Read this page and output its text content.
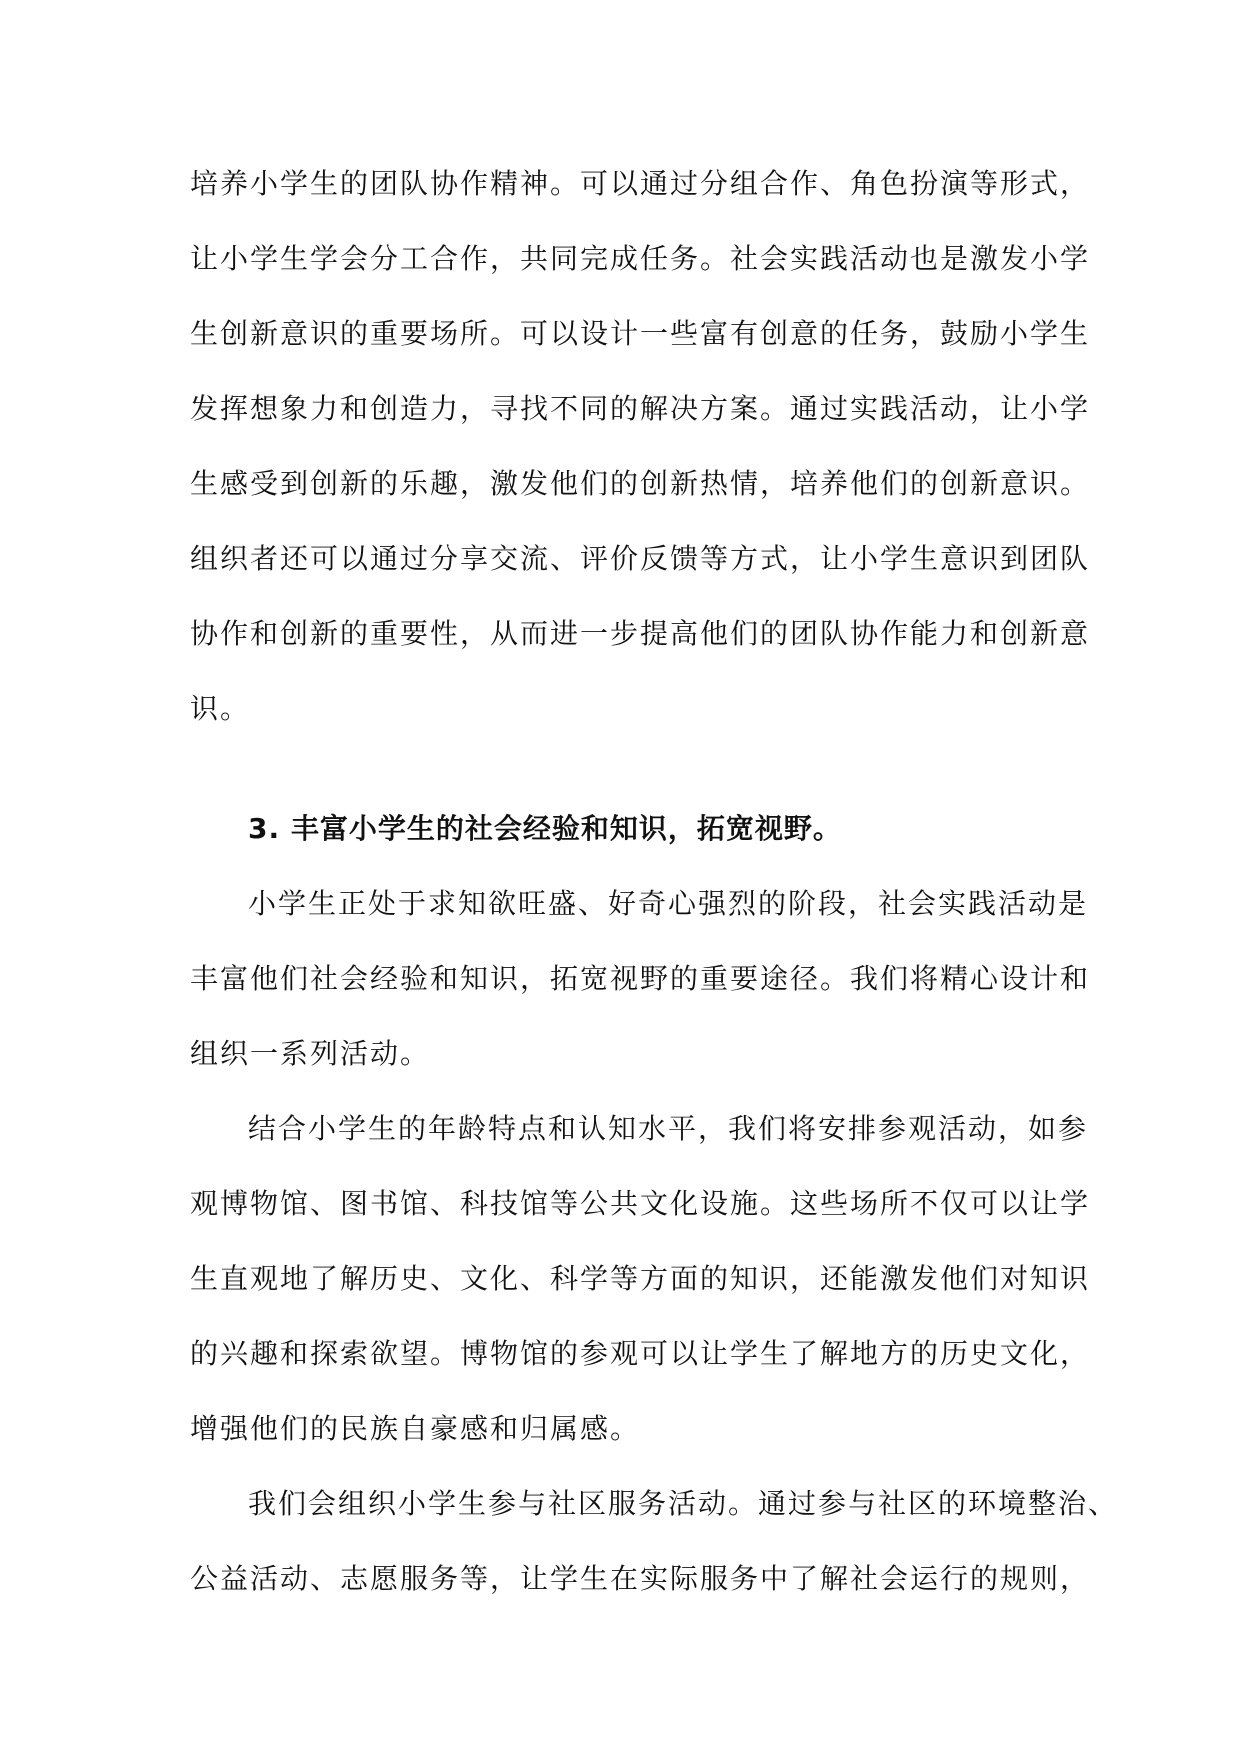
培养小学生的团队协作精神。可以通过分组合作、角色扮演等形式，
让小学生学会分工合作，共同完成任务。社会实践活动也是激发小学
生创新意识的重要场所。可以设计一些富有创意的任务，鼓励小学生
发挥想象力和创造力，寻找不同的解决方案。通过实践活动，让小学
生感受到创新的乐趣，激发他们的创新热情，培养他们的创新意识。
组织者还可以通过分享交流、评价反馈等方式，让小学生意识到团队
协作和创新的重要性，从而进一步提高他们的团队协作能力和创新意
识。
3. 丰富小学生的社会经验和知识，拓宽视野。
小学生正处于求知欲旺盛、好奇心强烈的阶段，社会实践活动是
丰富他们社会经验和知识，拓宽视野的重要途径。我们将精心设计和
组织一系列活动。
结合小学生的年龄特点和认知水平，我们将安排参观活动，如参
观博物馆、图书馆、科技馆等公共文化设施。这些场所不仅可以让学
生直观地了解历史、文化、科学等方面的知识，还能激发他们对知识
的兴趣和探索欲望。博物馆的参观可以让学生了解地方的历史文化，
增强他们的民族自豪感和归属感。
我们会组织小学生参与社区服务活动。通过参与社区的环境整治、
公益活动、志愿服务等，让学生在实际服务中了解社会运行的规则，
